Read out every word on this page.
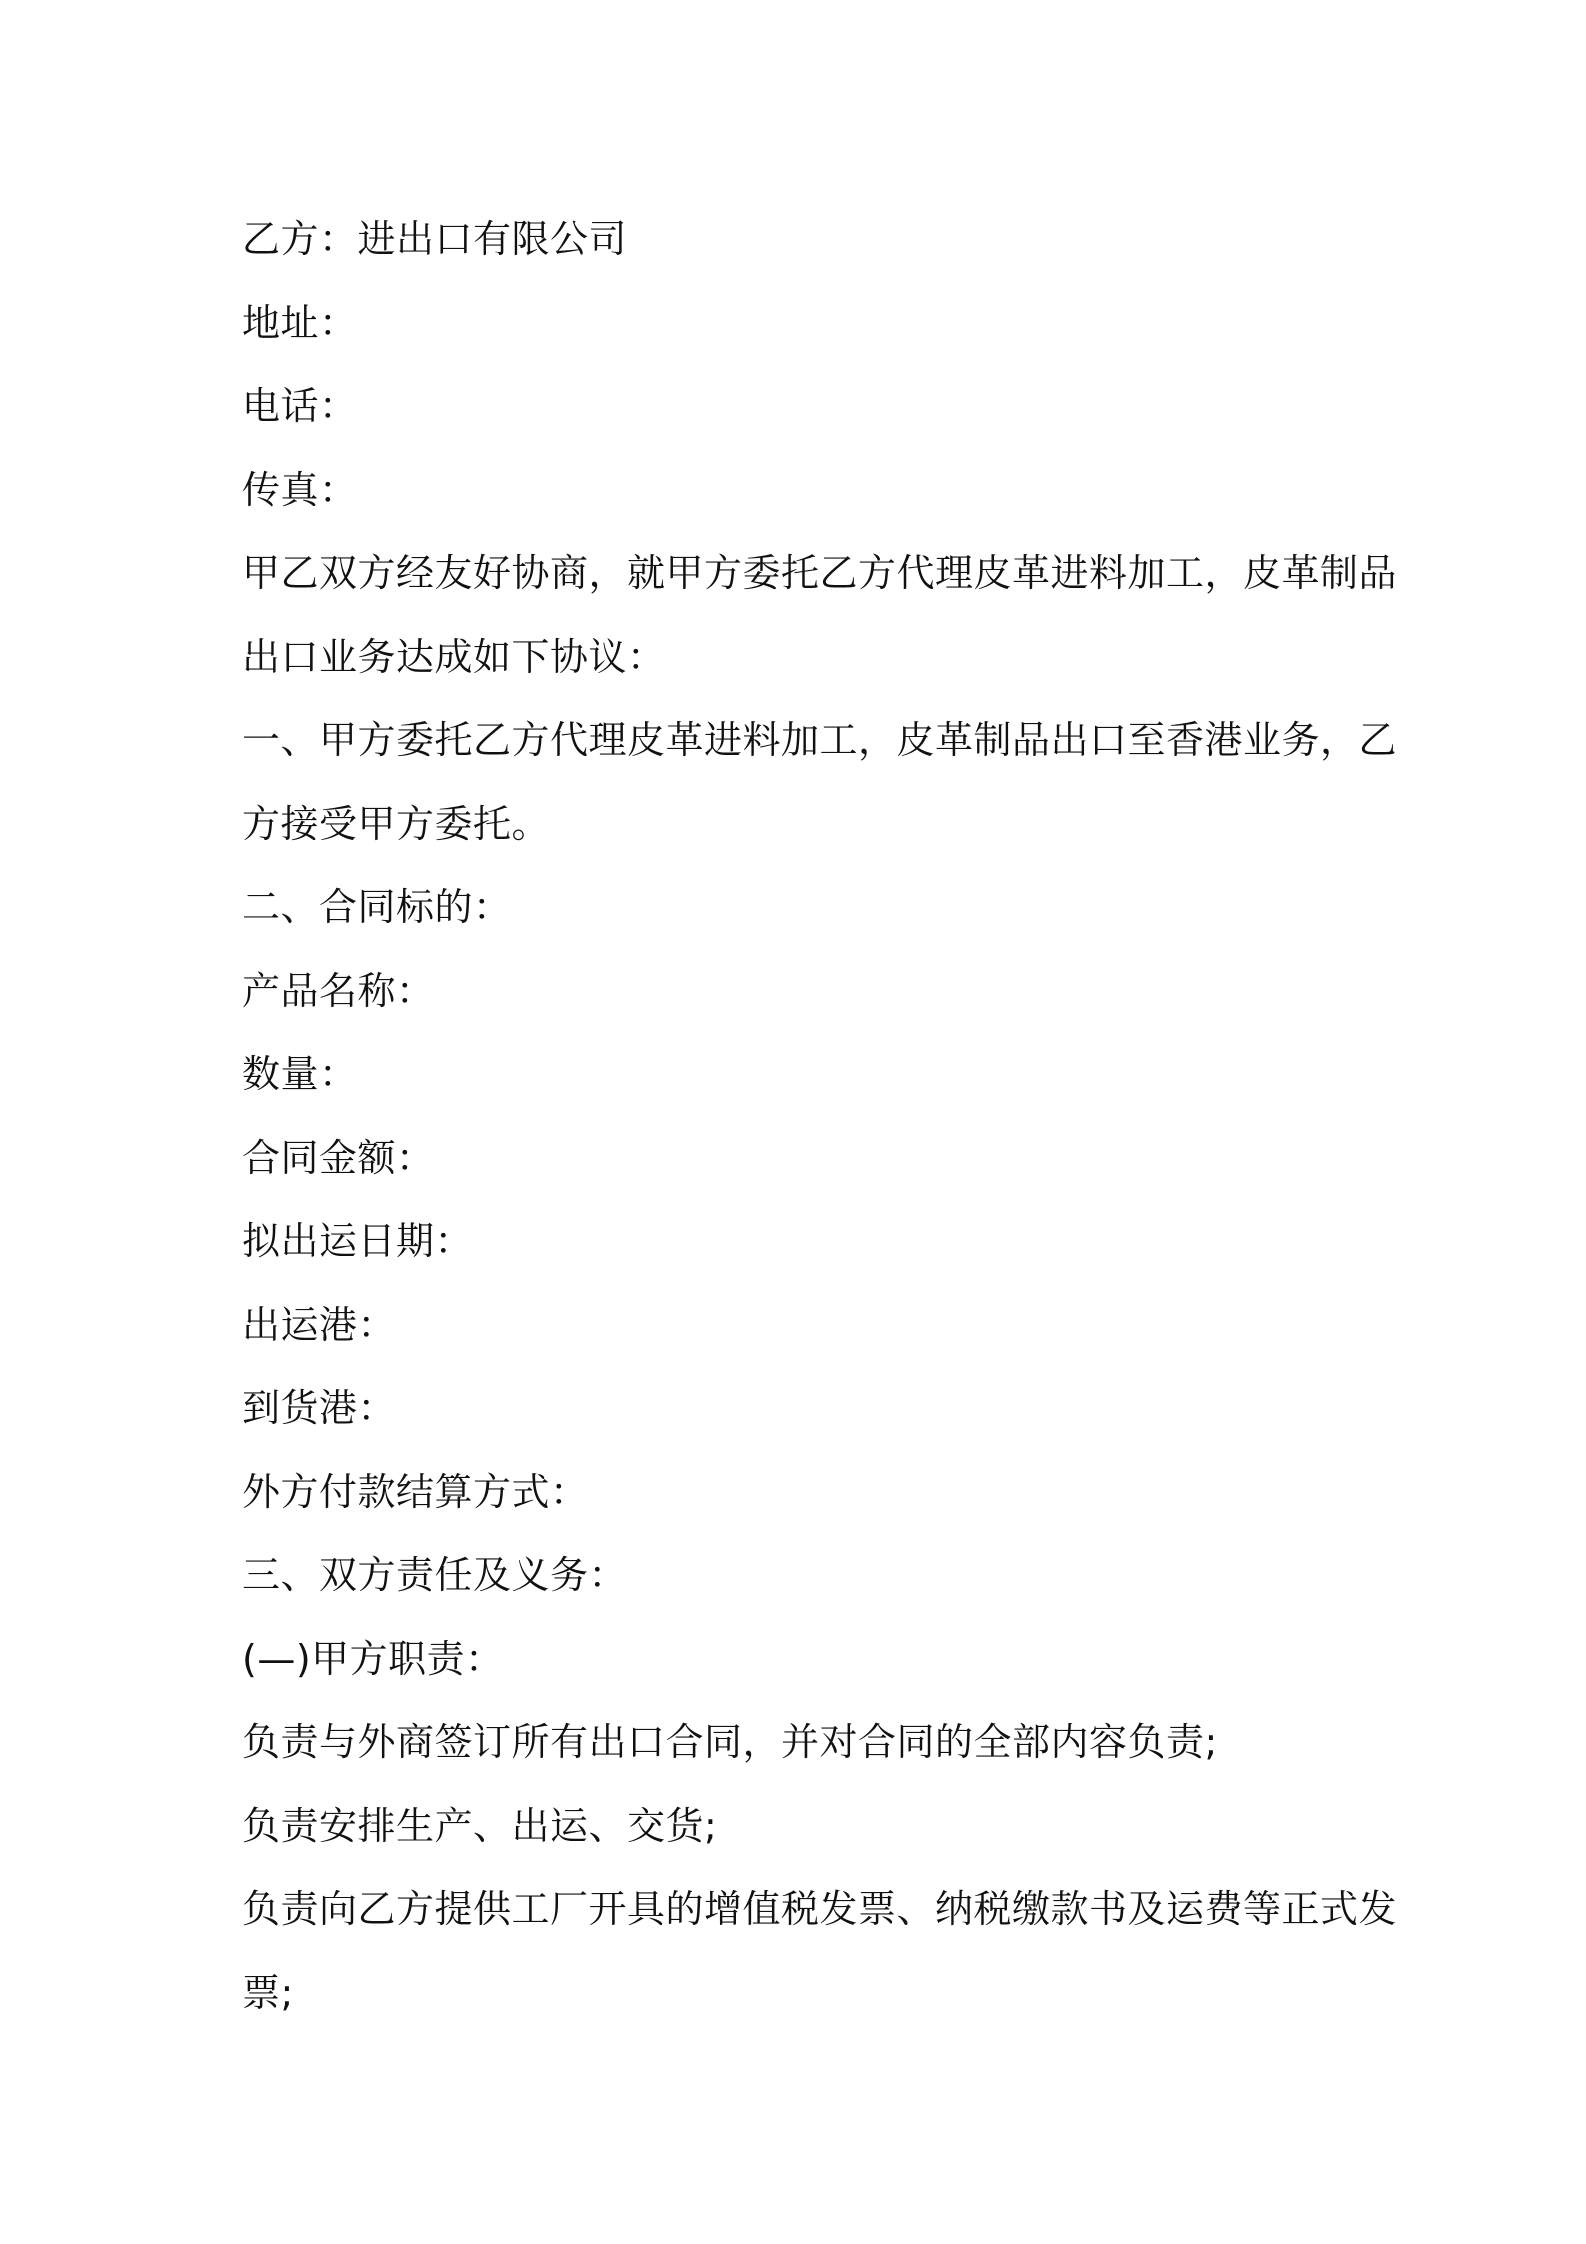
乙方：进出口有限公司
地址：
电话：
传真：
甲乙双方经友好协商，就甲方委托乙方代理皮革进料加工，皮革制品
出口业务达成如下协议：
一、甲方委托乙方代理皮革进料加工，皮革制品出口至香港业务，乙
方接受甲方委托。
二、合同标的：
产品名称：
数量：
合同金额：
拟出运日期：
出运港：
到货港：
外方付款结算方式：
三、双方责任及义务：
(—)甲方职责：
负责与外商签订所有出口合同，并对合同的全部内容负责;
负责安排生产、出运、交货;
负责向乙方提供工厂开具的增值税发票、纳税缴款书及运费等正式发
票;
